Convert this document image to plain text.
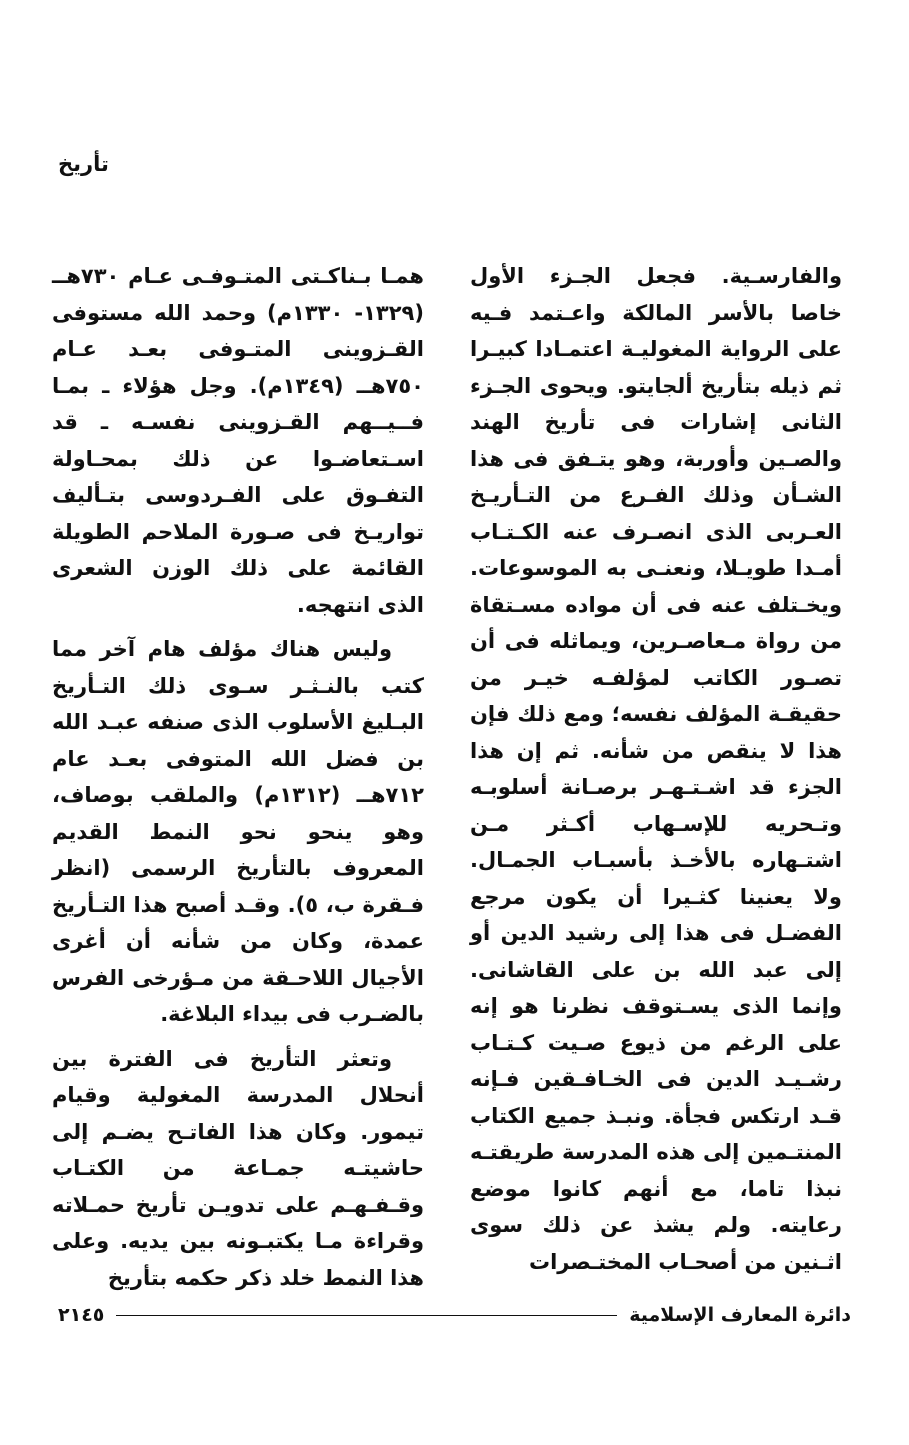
تأريخ

والفارسـية. فجعل الجـزء الأول خاصا بالأسر المالكة واعـتمد فـيه على الرواية المغوليـة اعتمـادا كبيـرا ثم ذيله بتأريخ ألجايتو. ويحوى الجـزء الثانى إشارات فى تأريخ الهند والصـين وأوربة، وهو يتـفق فى هذا الشـأن وذلك الفـرع من التـأريـخ العـربى الذى انصـرف عنه الكـتـاب أمـدا طويـلا، ونعنـى به الموسوعات. ويخـتلف عنه فى أن مواده مسـتقاة من رواة مـعاصـرين، ويماثله فى أن تصـور الكاتب لمؤلفـه خيـر من حقيقـة المؤلف نفسه؛ ومع ذلك فإن هذا لا ينقص من شأنه. ثم إن هذا الجزء قد اشـتـهـر برصـانة أسلوبـه وتـحريه للإسـهاب أكـثر مـن اشتـهاره بالأخـذ بأسبـاب الجمـال. ولا يعنينا كثـيرا أن يكون مرجع الفضـل فى هذا إلى رشيد الدين أو إلى عبد الله بن على القاشانى. وإنما الذى يسـتوقف نظرنا هو إنه على الرغم من ذيوع صـيت كـتـاب رشـيـد الدين فى الخـافـقين فـإنه قـد ارتكس فجأة. ونبـذ جميع الكتاب المنتـمين إلى هذه المدرسة طريقتـه نبذا تاما، مع أنهم كانوا موضع رعايته. ولم يشذ عن ذلك سوى اثـنين من أصحـاب المختـصرات

همـا بـناكـتى المتـوفـى عـام ٧٣٠هــ (١٣٢٩- ١٣٣٠م) وحمد الله مستوفى القـزوينى المتـوفى بعـد عـام ٧٥٠هــ (١٣٤٩م). وجل هؤلاء ـ بمـا فــيــهم القـزوينى نفسـه ـ قد اسـتعاضـوا عن ذلك بمحـاولة التفـوق على الفـردوسى بتـأليف تواريـخ فى صـورة الملاحم الطويلة القائمة على ذلك الوزن الشعرى الذى انتهجه.

وليس هناك مؤلف هام آخر مما كتب بالنـثـر سـوى ذلك التـأريخ البـليغ الأسلوب الذى صنفه عبـد الله بن فضل الله المتوفى بعـد عام ٧١٢هــ (١٣١٢م) والملقب بوصاف، وهو ينحو نحو النمط القديم المعروف بالتأريخ الرسمى (انظر فـقرة ب، ٥). وقـد أصبح هذا التـأريخ عمدة، وكان من شأنه أن أغرى الأجيال اللاحـقة من مـؤرخى الفرس بالضـرب فى بيداء البلاغة.

وتعثر التأريخ فى الفترة بين أنحلال المدرسة المغولية وقيام تيمور. وكان هذا الفاتـح يضـم إلى حاشيتـه جمـاعة من الكتـاب وقـفـهـم على تدويـن تأريخ حمـلاته وقراءة مـا يكتبـونه بين يديه. وعلى هذا النمط خلد ذكر حكمه بتأريخ

دائرة المعارف الإسلامية
٢١٤٥
